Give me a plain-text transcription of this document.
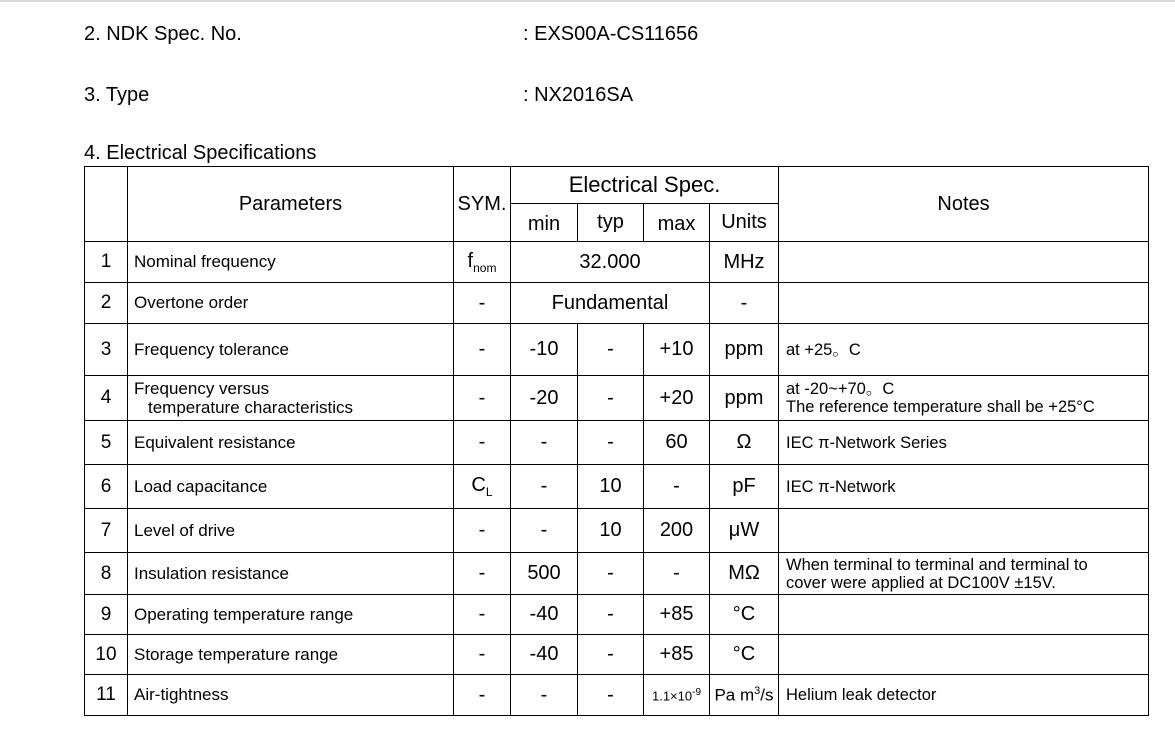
2. NDK Spec. No.	: EXS00A-CS11656
3. Type	: NX2016SA
4. Electrical Specifications
	Parameters	SYM.	Electrical Spec.				Notes
			min	typ	max	Units	
1	Nominal frequency	$f_{nom}$	32.000			MHz	
2	Overtone order	-	Fundamental			-	
3	Frequency tolerance	-	-10	-	+10	ppm	at +25。C
4	Frequency versus
temperature characteristics	-	-20	-	+20	ppm	at -20~+70。C
The reference temperature shall be +25°C
5	Equivalent resistance	-	-	-	60	Ω	IEC π-Network Series
6	Load capacitance	$C_L$	-	10	-	pF	IEC π-Network
7	Level of drive	-	-	10	200	μW	
8	Insulation resistance	-	500	-	-	MΩ	When terminal to terminal and terminal to
cover were applied at DC100V ±15V.
9	Operating temperature range	-	-40	-	+85	°C	
10	Storage temperature range	-	-40	-	+85	°C	
11	Air-tightness	-	-	-	$1.1\times 10^{-9}$	Pa $m^3/s$	Helium leak detector
